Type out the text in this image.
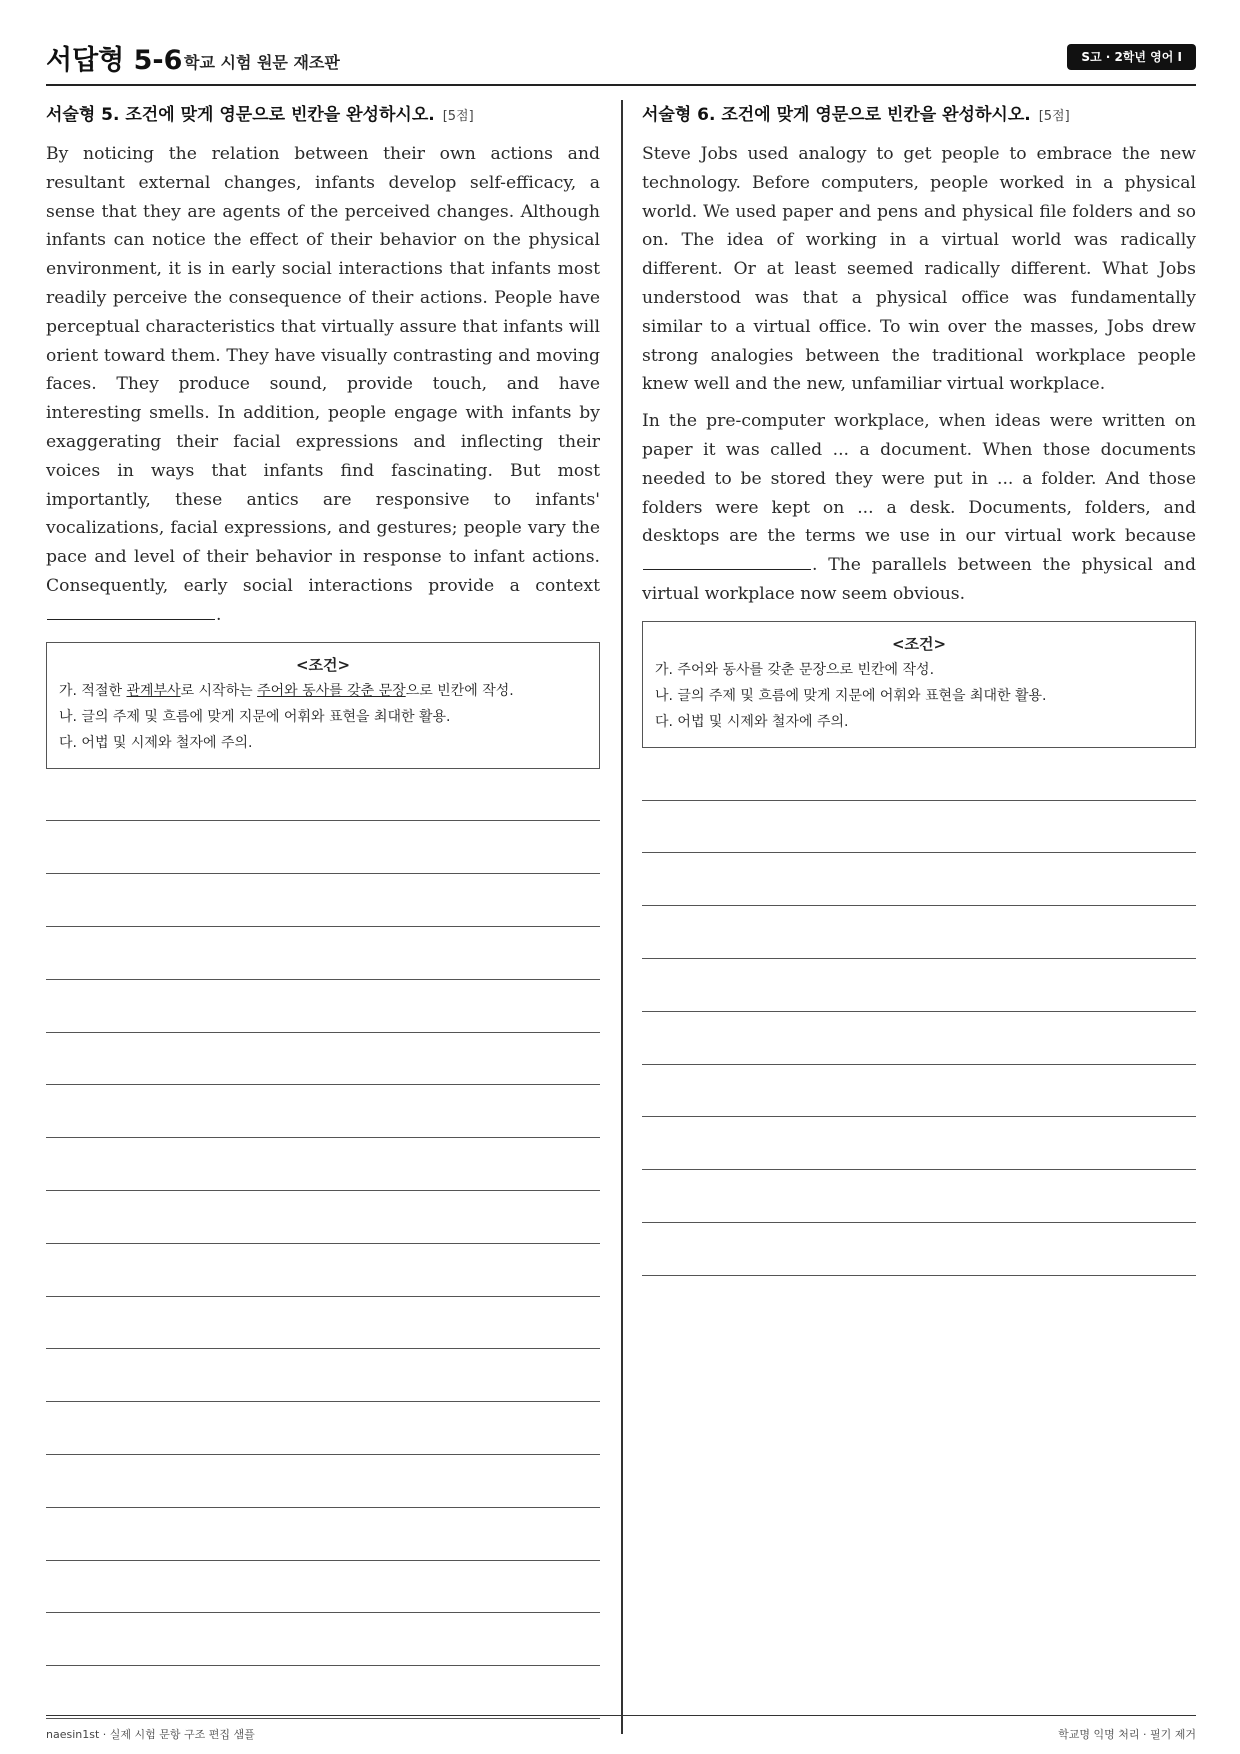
서답형 5-6 학교 시험 원문 재조판	S고 · 2학년 영어 I
서술형 5. 조건에 맞게 영문으로 빈칸을 완성하시오. [5점]

By noticing the relation between their own actions and resultant external changes, infants develop self-efficacy, a sense that they are agents of the perceived changes. Although infants can notice the effect of their behavior on the physical environment, it is in early social interactions that infants most readily perceive the consequence of their actions. People have perceptual characteristics that virtually assure that infants will orient toward them. They have visually contrasting and moving faces. They produce sound, provide touch, and have interesting smells. In addition, people engage with infants by exaggerating their facial expressions and inflecting their voices in ways that infants find fascinating. But most importantly, these antics are responsive to infants' vocalizations, facial expressions, and gestures; people vary the pace and level of their behavior in response to infant actions. Consequently, early social interactions provide a context .

<조건>
가. 적절한 관계부사로 시작하는 주어와 동사를 갖춘 문장으로 빈칸에 작성.
나. 글의 주제 및 흐름에 맞게 지문에 어휘와 표현을 최대한 활용.
다. 어법 및 시제와 철자에 주의.
서술형 6. 조건에 맞게 영문으로 빈칸을 완성하시오. [5점]

Steve Jobs used analogy to get people to embrace the new technology. Before computers, people worked in a physical world. We used paper and pens and physical file folders and so on. The idea of working in a virtual world was radically different. Or at least seemed radically different. What Jobs understood was that a physical office was fundamentally similar to a virtual office. To win over the masses, Jobs drew strong analogies between the traditional workplace people knew well and the new, unfamiliar virtual workplace.

In the pre-computer workplace, when ideas were written on paper it was called ... a document. When those documents needed to be stored they were put in ... a folder. And those folders were kept on ... a desk. Documents, folders, and desktops are the terms we use in our virtual work because . The parallels between the physical and virtual workplace now seem obvious.

<조건>
가. 주어와 동사를 갖춘 문장으로 빈칸에 작성.
나. 글의 주제 및 흐름에 맞게 지문에 어휘와 표현을 최대한 활용.
다. 어법 및 시제와 철자에 주의.
naesin1st · 실제 시험 문항 구조 편집 샘플	학교명 익명 처리 · 필기 제거
